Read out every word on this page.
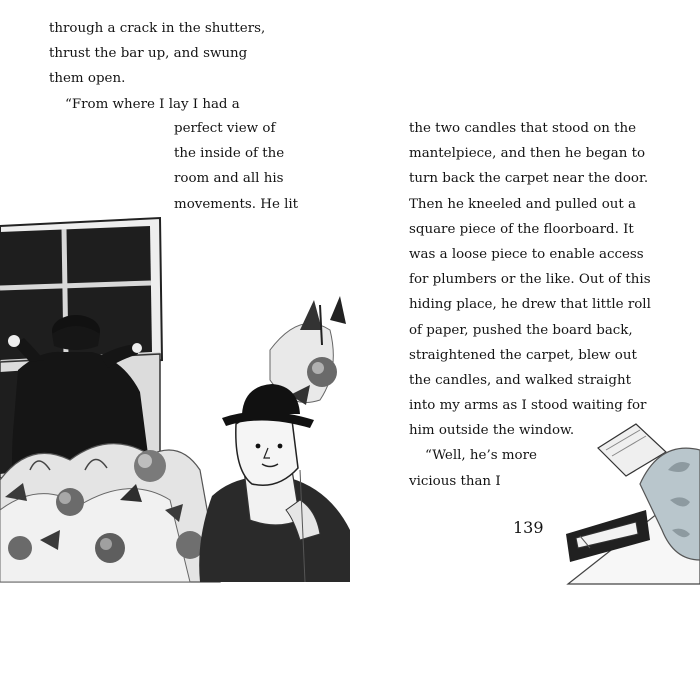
through a crack in the shutters,
thrust the bar up, and swung
them open.
“From where I lay I had a
perfect view of
the inside of the
room and all his
movements. He lit
the two candles that stood on the
mantelpiece, and then he began to
turn back the carpet near the door.
Then he kneeled and pulled out a
square piece of the floorboard. It
was a loose piece to enable access
for plumbers or the like. Out of this
hiding place, he drew that little roll
of paper, pushed the board back,
straightened the carpet, blew out
the candles, and walked straight
into my arms as I stood waiting for
him outside the window.
“Well, he’s more
vicious than I
139
